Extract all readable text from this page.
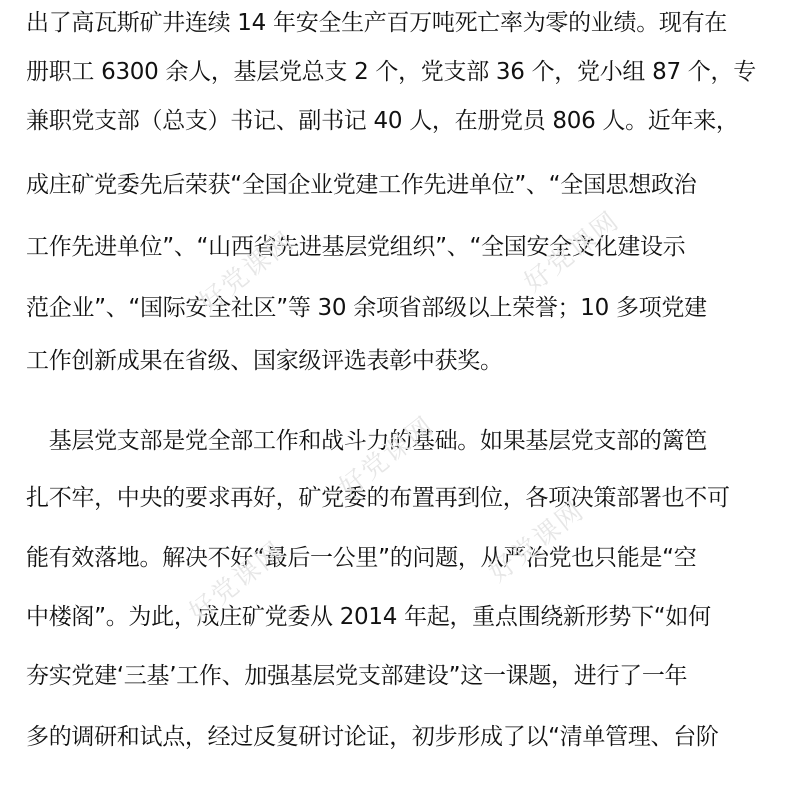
出了高瓦斯矿井连续 14 年安全生产百万吨死亡率为零的业绩。现有在
册职工 6300 余人，基层党总支 2 个，党支部 36 个，党小组 87 个，专
兼职党支部（总支）书记、副书记 40 人，在册党员 806 人。近年来，
成庄矿党委先后荣获“全国企业党建工作先进单位”、“全国思想政治
工作先进单位”、“山西省先进基层党组织”、“全国安全文化建设示
范企业”、“国际安全社区”等 30 余项省部级以上荣誉；10 多项党建
工作创新成果在省级、国家级评选表彰中获奖。
　基层党支部是党全部工作和战斗力的基础。如果基层党支部的篱笆
扎不牢，中央的要求再好，矿党委的布置再到位，各项决策部署也不可
能有效落地。解决不好“最后一公里”的问题，从严治党也只能是“空
中楼阁”。为此，成庄矿党委从 2014 年起，重点围绕新形势下“如何
夯实党建‘三基’工作、加强基层党支部建设”这一课题，进行了一年
多的调研和试点，经过反复研讨论证，初步形成了以“清单管理、台阶
好党课网	好党课网
好党课网
好党课网	好党课网
